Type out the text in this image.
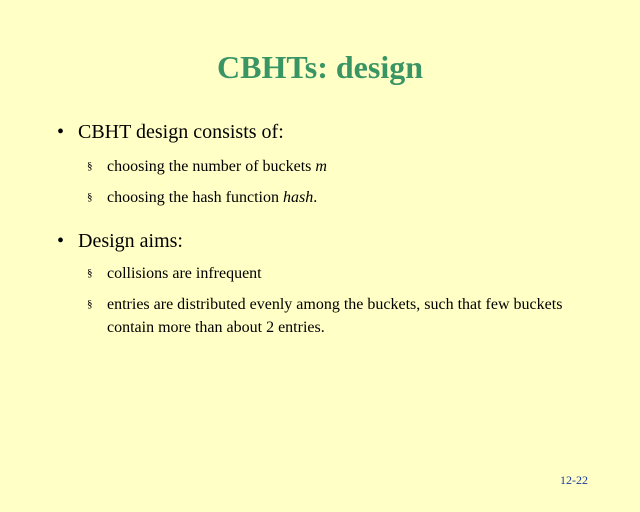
CBHTs: design
• CBHT design consists of:
§ choosing the number of buckets m
§ choosing the hash function hash.
• Design aims:
§ collisions are infrequent
§ entries are distributed evenly among the buckets, such that few buckets contain more than about 2 entries.
12-22
